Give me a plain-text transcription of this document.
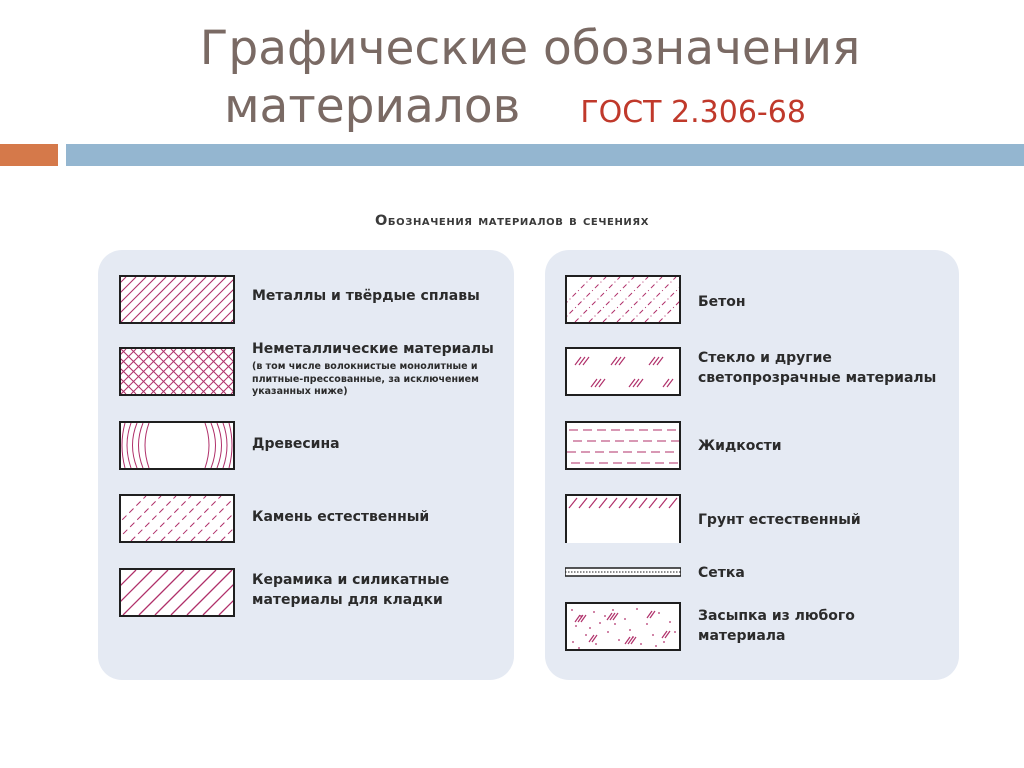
Графические обозначения
материалов ГОСТ 2.306-68
Обозначения материалов в сечениях
Металлы и твёрдые сплавы
Неметаллические материалы
(в том числе волокнистые монолитные и плитные-прессованные, за исключением указанных ниже)
Древесина
Камень естественный
Керамика и силикатные материалы для кладки
Бетон
Стекло и другие светопрозрачные материалы
Жидкости
Грунт естественный
Сетка
Засыпка из любого материала
